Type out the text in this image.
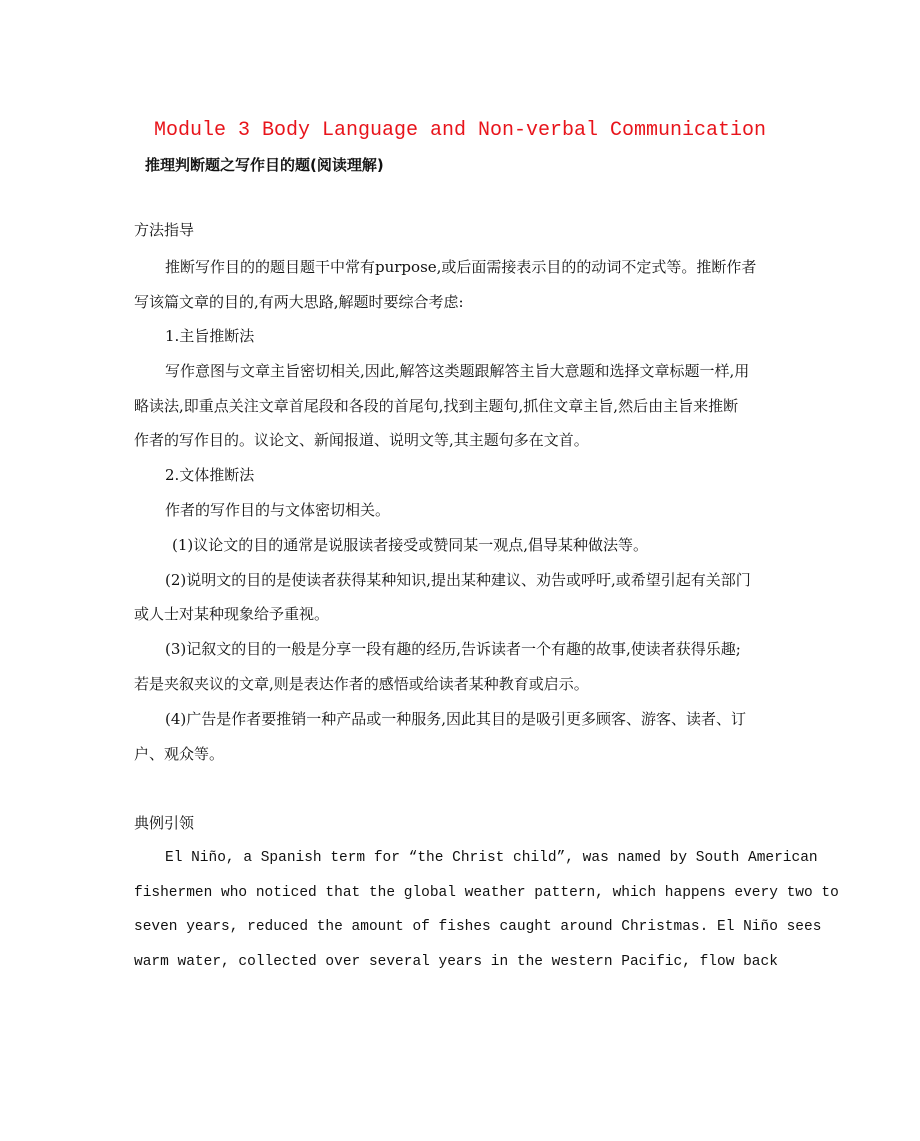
Module 3 Body Language and Non-verbal Communication
推理判断题之写作目的题(阅读理解)
方法指导
推断写作目的的题目题干中常有purpose,或后面需接表示目的的动词不定式等。推断作者
写该篇文章的目的,有两大思路,解题时要综合考虑:
1.主旨推断法
写作意图与文章主旨密切相关,因此,解答这类题跟解答主旨大意题和选择文章标题一样,用
略读法,即重点关注文章首尾段和各段的首尾句,找到主题句,抓住文章主旨,然后由主旨来推断
作者的写作目的。议论文、新闻报道、说明文等,其主题句多在文首。
2.文体推断法
作者的写作目的与文体密切相关。
(1)议论文的目的通常是说服读者接受或赞同某一观点,倡导某种做法等。
(2)说明文的目的是使读者获得某种知识,提出某种建议、劝告或呼吁,或希望引起有关部门
或人士对某种现象给予重视。
(3)记叙文的目的一般是分享一段有趣的经历,告诉读者一个有趣的故事,使读者获得乐趣;
若是夹叙夹议的文章,则是表达作者的感悟或给读者某种教育或启示。
(4)广告是作者要推销一种产品或一种服务,因此其目的是吸引更多顾客、游客、读者、订
户、观众等。
典例引领
El Niño, a Spanish term for “the Christ child”, was named by South American
fishermen who noticed that the global weather pattern, which happens every two to
seven years, reduced the amount of fishes caught around Christmas. El Niño sees
warm water, collected over several years in the western Pacific, flow back
